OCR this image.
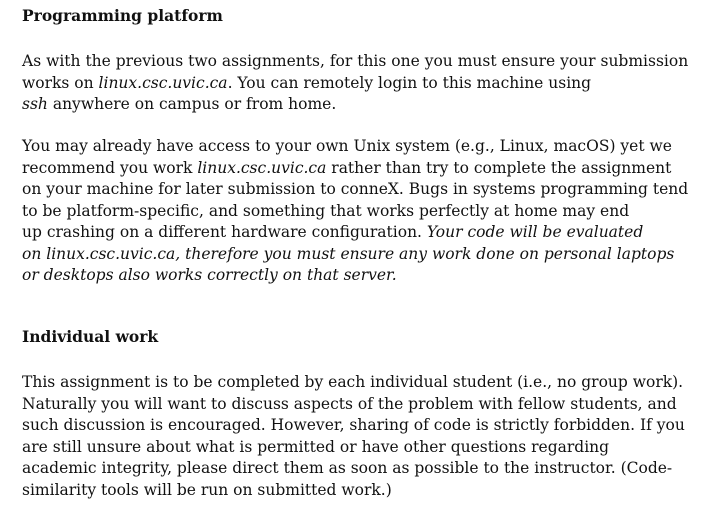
Programming platform

As with the previous two assignments, for this one you must ensure your submission
works on linux.csc.uvic.ca. You can remotely login to this machine using
ssh anywhere on campus or from home.

You may already have access to your own Unix system (e.g., Linux, macOS) yet we
recommend you work linux.csc.uvic.ca rather than try to complete the assignment
on your machine for later submission to conneX. Bugs in systems programming tend
to be platform-specific, and something that works perfectly at home may end
up crashing on a different hardware configuration. Your code will be evaluated
on linux.csc.uvic.ca, therefore you must ensure any work done on personal laptops
or desktops also works correctly on that server.

Individual work

This assignment is to be completed by each individual student (i.e., no group work).
Naturally you will want to discuss aspects of the problem with fellow students, and
such discussion is encouraged. However, sharing of code is strictly forbidden. If you
are still unsure about what is permitted or have other questions regarding
academic integrity, please direct them as soon as possible to the instructor. (Code-
similarity tools will be run on submitted work.)
